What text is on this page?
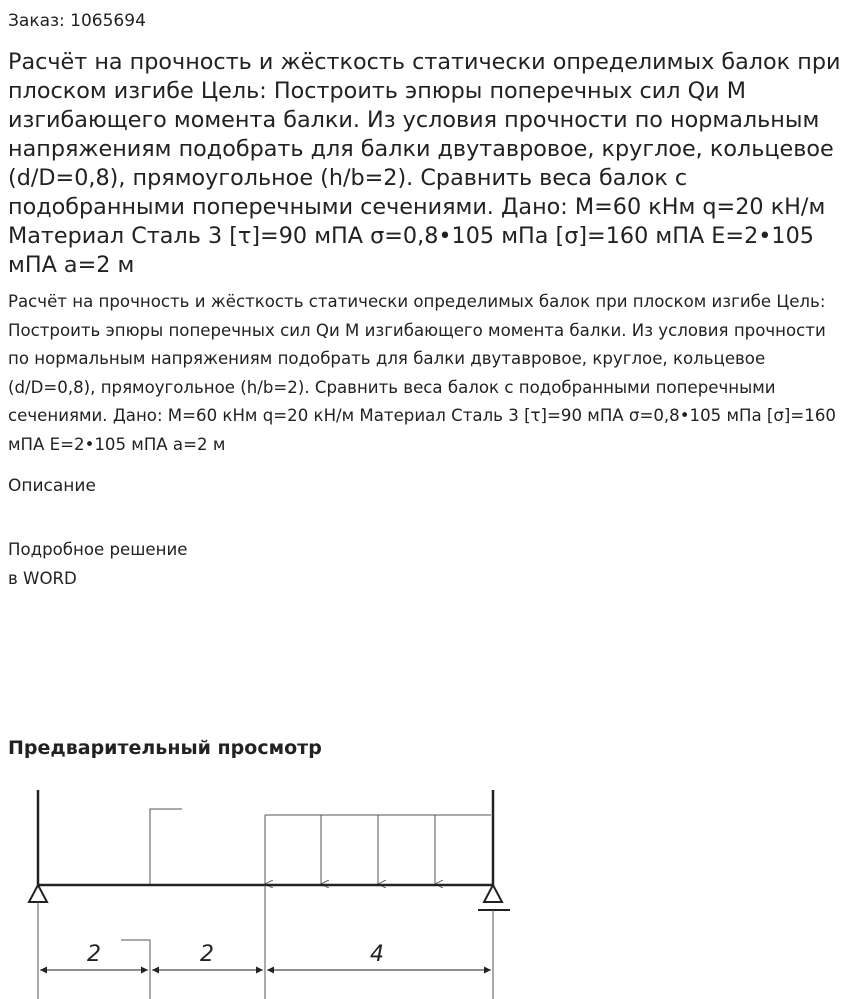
Заказ: 1065694
Расчёт на прочность и жёсткость статически определимых балок при плоском изгибе Цель: Построить эпюры поперечных сил Qи М изгибающего момента балки. Из условия прочности по нормальным напряжениям подобрать для балки двутавровое, круглое, кольцевое (d/D=0,8), прямоугольное (h/b=2). Сравнить веса балок с подобранными поперечными сечениями. Дано: М=60 кНм q=20 кН/м Материал Сталь 3 [τ]=90 мПА σ=0,8•105 мПа [σ]=160 мПА Е=2•105 мПА а=2 м

Расчёт на прочность и жёсткость статически определимых балок при плоском изгибе Цель: Построить эпюры поперечных сил Qи М изгибающего момента балки. Из условия прочности по нормальным напряжениям подобрать для балки двутавровое, круглое, кольцевое (d/D=0,8), прямоугольное (h/b=2). Сравнить веса балок с подобранными поперечными сечениями. Дано: М=60 кНм q=20 кН/м Материал Сталь 3 [τ]=90 мПА σ=0,8•105 мПа [σ]=160 мПА Е=2•105 мПА а=2 м

Описание
Подробное решение
в WORD
Предварительный просмотр
2	2	4
